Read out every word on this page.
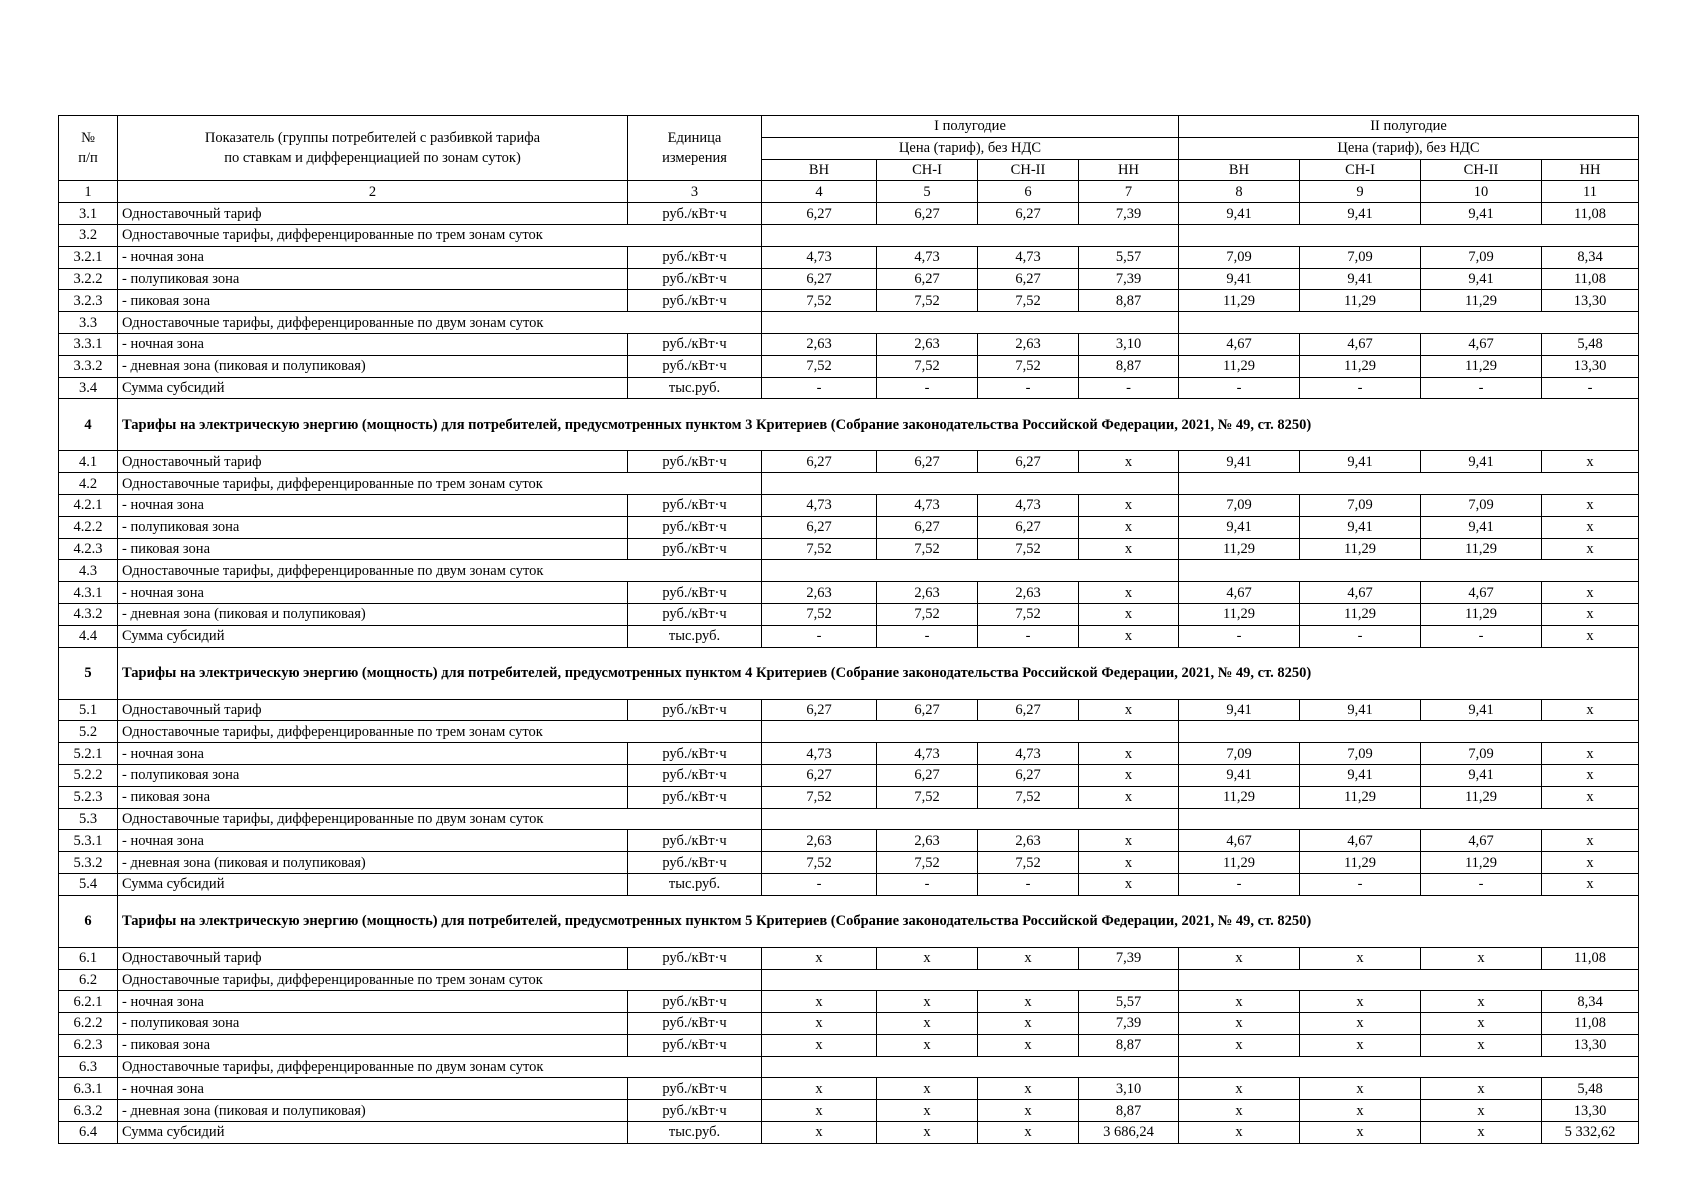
№
п/п	Показатель (группы потребителей с разбивкой тарифа по ставкам и дифференциацией по зонам суток)	Единица измерения	I полугодие				II полугодие			
			Цена (тариф), без НДС				Цена (тариф), без НДС			
			ВН	СН-I	СН-II	НН	ВН	СН-I	СН-II	НН
1	2	3	4	5	6	7	8	9	10	11
3.1	Одноставочный тариф	руб./кВт·ч	6,27	6,27	6,27	7,39	9,41	9,41	9,41	11,08
3.2	Одноставочные тарифы, дифференцированные по трем зонам суток									
3.2.1	- ночная зона	руб./кВт·ч	4,73	4,73	4,73	5,57	7,09	7,09	7,09	8,34
3.2.2	- полупиковая зона	руб./кВт·ч	6,27	6,27	6,27	7,39	9,41	9,41	9,41	11,08
3.2.3	- пиковая зона	руб./кВт·ч	7,52	7,52	7,52	8,87	11,29	11,29	11,29	13,30
3.3	Одноставочные тарифы, дифференцированные по двум зонам суток									
3.3.1	- ночная зона	руб./кВт·ч	2,63	2,63	2,63	3,10	4,67	4,67	4,67	5,48
3.3.2	- дневная зона (пиковая и полупиковая)	руб./кВт·ч	7,52	7,52	7,52	8,87	11,29	11,29	11,29	13,30
3.4	Сумма субсидий	тыс.руб.	-	-	-	-	-	-	-	-
4	Тарифы на электрическую энергию (мощность) для потребителей, предусмотренных пунктом 3 Критериев (Собрание законодательства Российской Федерации, 2021, № 49, ст. 8250)									
4.1	Одноставочный тариф	руб./кВт·ч	6,27	6,27	6,27	x	9,41	9,41	9,41	x
4.2	Одноставочные тарифы, дифференцированные по трем зонам суток									
4.2.1	- ночная зона	руб./кВт·ч	4,73	4,73	4,73	x	7,09	7,09	7,09	x
4.2.2	- полупиковая зона	руб./кВт·ч	6,27	6,27	6,27	x	9,41	9,41	9,41	x
4.2.3	- пиковая зона	руб./кВт·ч	7,52	7,52	7,52	x	11,29	11,29	11,29	x
4.3	Одноставочные тарифы, дифференцированные по двум зонам суток									
4.3.1	- ночная зона	руб./кВт·ч	2,63	2,63	2,63	x	4,67	4,67	4,67	x
4.3.2	- дневная зона (пиковая и полупиковая)	руб./кВт·ч	7,52	7,52	7,52	x	11,29	11,29	11,29	x
4.4	Сумма субсидий	тыс.руб.	-	-	-	x	-	-	-	x
5	Тарифы на электрическую энергию (мощность) для потребителей, предусмотренных пунктом 4 Критериев (Собрание законодательства Российской Федерации, 2021, № 49, ст. 8250)									
5.1	Одноставочный тариф	руб./кВт·ч	6,27	6,27	6,27	x	9,41	9,41	9,41	x
5.2	Одноставочные тарифы, дифференцированные по трем зонам суток									
5.2.1	- ночная зона	руб./кВт·ч	4,73	4,73	4,73	x	7,09	7,09	7,09	x
5.2.2	- полупиковая зона	руб./кВт·ч	6,27	6,27	6,27	x	9,41	9,41	9,41	x
5.2.3	- пиковая зона	руб./кВт·ч	7,52	7,52	7,52	x	11,29	11,29	11,29	x
5.3	Одноставочные тарифы, дифференцированные по двум зонам суток									
5.3.1	- ночная зона	руб./кВт·ч	2,63	2,63	2,63	x	4,67	4,67	4,67	x
5.3.2	- дневная зона (пиковая и полупиковая)	руб./кВт·ч	7,52	7,52	7,52	x	11,29	11,29	11,29	x
5.4	Сумма субсидий	тыс.руб.	-	-	-	x	-	-	-	x
6	Тарифы на электрическую энергию (мощность) для потребителей, предусмотренных пунктом 5 Критериев (Собрание законодательства Российской Федерации, 2021, № 49, ст. 8250)									
6.1	Одноставочный тариф	руб./кВт·ч	x	x	x	7,39	x	x	x	11,08
6.2	Одноставочные тарифы, дифференцированные по трем зонам суток									
6.2.1	- ночная зона	руб./кВт·ч	x	x	x	5,57	x	x	x	8,34
6.2.2	- полупиковая зона	руб./кВт·ч	x	x	x	7,39	x	x	x	11,08
6.2.3	- пиковая зона	руб./кВт·ч	x	x	x	8,87	x	x	x	13,30
6.3	Одноставочные тарифы, дифференцированные по двум зонам суток									
6.3.1	- ночная зона	руб./кВт·ч	x	x	x	3,10	x	x	x	5,48
6.3.2	- дневная зона (пиковая и полупиковая)	руб./кВт·ч	x	x	x	8,87	x	x	x	13,30
6.4	Сумма субсидий	тыс.руб.	x	x	x	3 686,24	x	x	x	5 332,62
